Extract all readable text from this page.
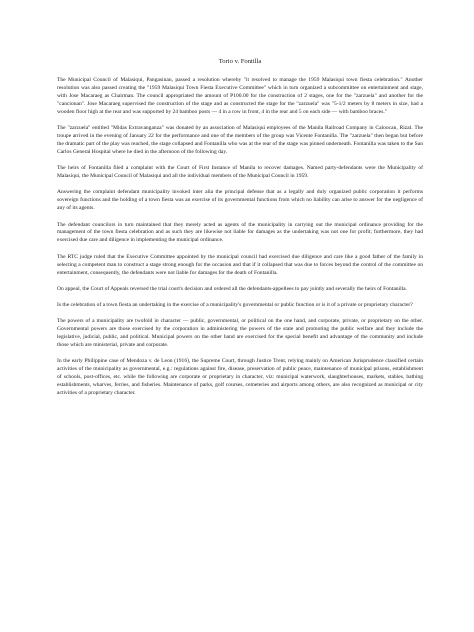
Torio v. Fontilla

The Municipal Council of Malasiqui, Pangasinan, passed a resolution whereby "it resolved to manage the 1959 Malasiqui town fiesta celebration." Another resolution was also passed creating the "1959 Malasiqui Town Fiesta Executive Committee" which in turn organized a subcommittee on entertainment and stage, with Jose Macaraeg as Chairman. The council appropriated the amount of P100.00 for the construction of 2 stages, one for the "zarzuela" and another for the "cancionan". Jose Macaraeg supervised the construction of the stage and as constructed the stage for the "zarzuela" was "5-1/2 meters by 8 meters in size, had a wooden floor high at the rear and was supported by 24 bamboo posts — 4 in a row in front, 4 in the rear and 5 on each side — with bamboo braces."

The "zarzuela" entitled "Midas Extravanganza" was donated by an association of Malasiqui employees of the Manila Railroad Company in Caloocan, Rizal. The troupe arrived in the evening of January 22 for the performance and one of the members of the group was Vicente Fontanilla. The "zarzuela" then began but before the dramatic part of the play was reached, the stage collapsed and Fontanilla who was at the rear of the stage was pinned underneath. Fontanilla was taken to the San Carlos General Hospital where he died in the afternoon of the following day.

The heirs of Fontanilla filed a complaint with the Court of First Instance of Manila to recover damages. Named party-defendants were the Municipality of Malasiqui, the Municipal Council of Malasiqui and all the individual members of the Municipal Council in 1959.

Answering the complaint defendant municipality invoked inter alia the principal defense that as a legally and duly organized public corporation it performs sovereign functions and the holding of a town fiesta was an exercise of its governmental functions from which no liability can arise to answer for the negligence of any of its agents.

The defendant councilors in turn maintained that they merely acted as agents of the municipality in carrying out the municipal ordinance providing for the management of the town fiesta celebration and as such they are likewise not liable for damages as the undertaking was not one for profit; furthermore, they had exercised due care and diligence in implementing the municipal ordinance.

The RTC judge ruled that the Executive Committee appointed by the municipal council had exercised due diligence and care like a good father of the family in selecting a competent man to construct a stage strong enough for the occasion and that if it collapsed that was due to forces beyond the control of the committee on entertainment, consequently, the defendants were not liable for damages for the death of Fontanilla.

On appeal, the Court of Appeals reversed the trial court's decision and ordered all the defendants-appellees to pay jointly and severally the heirs of Fontanilla.

Is the celebration of a town fiesta an undertaking in the exercise of a municipality's governmental or public function or is it of a private or proprietary character?

The powers of a municipality are twofold in character — public, governmental, or political on the one hand, and corporate, private, or proprietary on the other. Governmental powers are those exercised by the corporation in administering the powers of the state and promoting the public welfare and they include the legislative, judicial, public, and political. Municipal powers on the other hand are exercised for the special benefit and advantage of the community and include those which are ministerial, private and corporate.

In the early Philippine case of Mendoza v. de Leon (1916), the Supreme Court, through Justice Trent, relying mainly on American Jurisprudence classified certain activities of the municipality as governmental, e.g.: regulations against fire, disease, preservation of public peace, maintenance of municipal prisons, establishment of schools, post-offices, etc. while the following are corporate or proprietary in character, viz: municipal waterwork, slaughterhouses, markets, stables, bathing establishments, wharves, ferries, and fisheries. Maintenance of parks, golf courses, cemeteries and airports among others, are also recognized as municipal or city activities of a proprietary character.
